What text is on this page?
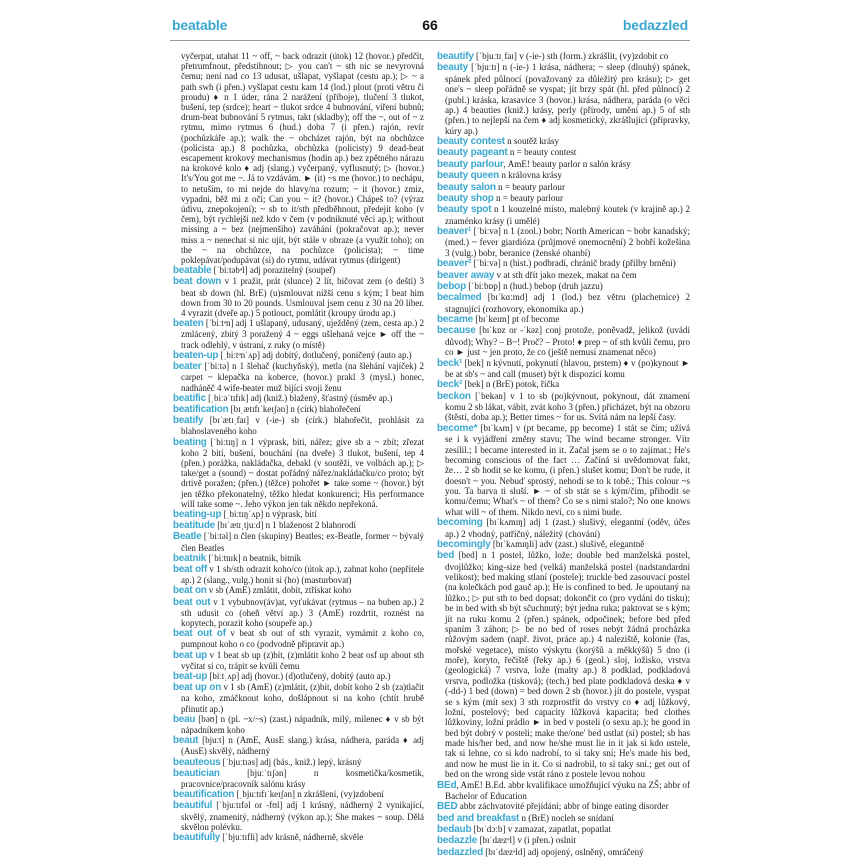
beatable	66	bedazzled

vyčerpat, utahat 11 ~ off, ~ back odrazit (útok) 12 (hovor.) předčit, přetrumfnout, předstihnout; ▷ you can't ~ sth nic se nevyrovná čemu; není nad co 13 udusat, ušlapat, vyšlapat (cestu ap.); ▷ ~ a path swh (i přen.) vyšlapat cestu kam 14 (lod.) plout (proti větru či proudu) ♦ n 1 úder, rána 2 narážení (příboje), tlučení 3 tlukot, bušení, tep (srdce); heart ~ tlukot srdce 4 bubnování, víření bubnů; drum-beat bubnování 5 rytmus, takt (skladby); off the ~, out of ~ z rytmu, mimo rytmus 6 (hud.) doba 7 (i přen.) rajón, revír (pochůzkáře ap.); walk the ~ obcházet rajón, být na obchůzce (policista ap.) 8 pochůzka, obchůzka (policisty) 9 dead-beat escapement krokový mechanismus (hodin ap.) bez zpětného nárazu na krokové kolo ♦ adj (slang.) vyčerpaný, vyflusnutý; ▷ (hovor.) It's/You got me ~. Já to vzdávám. ► (it) ~s me (hovor.) to nechápu, to netuším, to mi nejde do hlavy/na rozum; ~ it (hovor.) zmiz, vypadni, běž mi z očí; Can you ~ it? (hovor.) Chápeš to? (výraz údivu, znepokojení); ~ sb to it/sth předběhnout, předejít koho (v čem), být rychlejší než kdo v čem (v podniknuté věci ap.); without missing a ~ bez (nejmenšího) zaváhání (pokračovat ap.); never miss a ~ nenechat si nic ujít, být stále v obraze (a využít toho); on the ~ na obchůzce, na pochůzce (policista); ~ time poklepávat/podupávat (si) do rytmu, udávat rytmus (dirigent)

beatable [ˈbiːtəbᵊl] adj porazitelný (soupeř)

beat down v 1 pražit, prát (slunce) 2 lít, bičovat zem (o dešti) 3 beat sb down (hl. BrE) (u)smlouvat nižší cenu s kým; I beat him down from 30 to 20 pounds. Usmlouval jsem cenu z 30 na 20 liber. 4 vyrazit (dveře ap.) 5 potlouct, pomlátit (kroupy úrodu ap.)

beaten [ˈbiːtᵊn] adj 1 ušlapaný, udusaný, uježděný (zem, cesta ap.) 2 zmlácený, zbitý 3 poražený 4 ~ eggs ušlehaná vejce ► off the ~ track odlehlý, v ústraní, z ruky (o místě)

beaten-up [ˌbiːtᵊnˈʌp] adj dobitý, dotlučený, poničený (auto ap.)

beater [ˈbiːtə] n 1 šlehač (kuchyňský), metla (na šlehání vajíček) 2 carpet ~ klepačka na koberce, (hovor.) prakl 3 (mysl.) honec, nadháněč 4 wife-beater muž bijící svoji ženu

beatific [ˌbiːəˈtɪfɪk] adj (kniž.) blažený, šťastný (úsměv ap.)

beatification [bɪˌætɪfɪˈkeɪʃən] n (círk) blahořečení

beatify [bɪˈætɪˌfaɪ] v (-ie-) sb (círk.) blahořečit, prohlásit za blahoslaveného koho

beating [ˈbiːtɪŋ] n 1 výprask, bití, nářez; give sb a ~ zbít; zřezat koho 2 bití, bušení, bouchání (na dveře) 3 tlukot, bušení, tep 4 (přen.) porážka, nakládačka, debakl (v soutěži, ve volbách ap.); ▷ take/get a (sound) ~ dostat pořádný nářez/nakládačku/co proto; být drtivě poražen; (přen.) (těžce) pohořet ► take some ~ (hovor.) být jen těžko překonatelný, těžko hledat konkurenci; His performance will take some ~. Jeho výkon jen tak někdo nepřekoná.

beating-up [ˌbiːtɪŋˈʌp] n výprask, bití

beatitude [bɪˈætɪˌtjuːd] n 1 blaženost 2 blahorodí

Beatle [ˈbiːtəl] n člen (skupiny) Beatles; ex-Beatle, former ~ bývalý člen Beatles

beatnik [ˈbiːtnɪk] n beatnik, bitník

beat off v 1 sb/sth odrazit koho/co (útok ap.), zahnat koho (nepřítele ap.) 2 (slang., vulg.) honit si (ho) (masturbovat)

beat on v sb (AmE) zmlátit, dobít, ztřískat koho

beat out v 1 vybubnov(áv)at, vyťukávat (rytmus – na buben ap.) 2 sth udusit co (oheň větví ap.) 3 (AmE) rozdrtit, roznést na kopytech, porazit koho (soupeře ap.)

beat out of v beat sb out of sth vyrazit, vymámit z koho co, pumpnout koho o co (podvodně připravit ap.)

beat up v 1 beat sb up (z)bít, (z)mlátit koho 2 beat osf up about sth vyčítat si co, trápit se kvůli čemu

beat-up [biːtˌʌp] adj (hovor.) (d)otlučený, dobitý (auto ap.)

beat up on v 1 sb (AmE) (z)mlátit, (z)bít, dobít koho 2 sb (za)tlačit na koho, zmáčknout koho, došlápnout si na koho (chtít hrubě přinutit ap.)

beau [bəʊ] n (pl. ~x/~s) (zast.) nápadník, milý, milenec ♦ v sb být nápadníkem koho

beaut [bjuːt] n (AmE, AusE slang.) krása, nádhera, paráda ♦ adj (AusE) skvělý, nádherný

beauteous [ˈbjuːtɪəs] adj (bás., kniž.) lepý, krásný

beautician	[bjuːˈtɪʃən] n kosmetička/kosmetik, pracovnice/pracovník salónu krásy

beautification [ˌbjuːtɪfɪˈkeɪʃən] n zkrášlení, (vy)zdobení

beautiful [ˈbjuːtɪfəl or -fʊl] adj 1 krásný, nádherný 2 vynikající, skvělý, znamenitý, nádherný (výkon ap.); She makes ~ soup. Dělá skvělou polévku.

beautifully [ˈbjuːtɪfli] adv krásně, nádherně, skvěle

beautify [ˈbjuːtɪˌfaɪ] v (-ie-) sth (form.) zkrášlit, (vy)zdobit co

beauty [ˈbjuːtɪ] n (-ie-) 1 krása, nádhera; ~ sleep (dlouhý) spánek, spánek před půlnocí (považovaný za důležitý pro krásu); ▷ get one's ~ sleep pořádně se vyspat; jít brzy spát (hl. před půlnocí) 2 (publ.) kráska, krasavice 3 (hovor.) krása, nádhera, paráda (o věci ap.) 4 beauties (kniž.) krásy, perly (přírody, umění ap.) 5 of sth (přen.) to nejlepší na čem ♦ adj kosmetický, zkrášlující (přípravky, kúry ap.)

beauty contest n soutěž krásy

beauty pageant n = beauty contest

beauty parlour, AmE! beauty parlor n salón krásy

beauty queen n královna krásy

beauty salon n = beauty parlour

beauty shop n = beauty parlour

beauty spot n 1 kouzelné místo, malebný koutek (v krajině ap.) 2 znaménko krásy (i umělé)

beaver¹ [ˈbiːvə] n 1 (zool.) bobr; North American ~ bobr kanadský; (med.) ~ fever giardióza (průjmové onemocnění) 2 bobří kožešina 3 (vulg.) bobr, beranice (ženské ohanbí)

beaver² [ˈbiːvə] n (hist.) podbradí, chránič brady (přilby brnění)

beaver away v at sth dřít jako mezek, makat na čem

bebop [ˈbiːbɒp] n (hud.) bebop (druh jazzu)

becalmed [bɪˈkɑːmd] adj 1 (lod.) bez větru (plachetnice) 2 stagnující (rozhovory, ekonomika ap.)

became [bɪˈkeɪm] pt of become

because [bɪˈkɒz or -ˈkəz] conj protože, poněvadž, jelikož (uvádí důvod); Why? – B~! Proč? – Proto! ♦ prep ~ of sth kvůli čemu, pro co ► just ~ jen proto, že co (ještě nemusí znamenat něco)

beck¹ [bek] n kývnutí, pokynutí (hlavou, prstem) ♦ v (po)kynout ► be at sb's ~ and call (muset) být k dispozici komu

beck² [bek] n (BrE) potok, říčka

beckon [ˈbekən] v 1 to sb (po)kývnout, pokynout, dát znamení komu 2 sb lákat, vábit, zvát koho 3 (přen.) přicházet, být na obzoru (štěstí, doba ap.); Better times ~ for us. Svítá nám na lepší časy.

become* [bɪˈkʌm] v (pt became, pp become) 1 stát se čím; užívá se i k vyjádření změny stavu; The wind became stronger. Vítr zesílil.; I became interested in it. Začal jsem se o to zajímat.; He's becoming conscious of the fact … Začíná si uvědomovat fakt, že… 2 sb hodit se ke komu, (i přen.) slušet komu; Don't be rude, it doesn't ~ you. Nebuď sprostý, nehodí se to k tobě.; This colour ~s you. Ta barva ti sluší. ► ~ of sb stát se s kým/čím, přihodit se komu/čemu; What's ~ of them? Co se s nimi stalo?; No one knows what will ~ of them. Nikdo neví, co s nimi bude.

becoming [bɪˈkʌmɪŋ] adj 1 (zast.) slušivý, elegantní (oděv, účes ap.) 2 vhodný, patřičný, náležitý (chování)

becomingly [bɪˈkʌmɪŋli] adv (zast.) slušivě, elegantně

bed [bed] n 1 postel, lůžko, lože; double bed manželská postel, dvojlůžko; king-size bed (velká) manželská postel (nadstandardní velikost); bed making stlaní (postele); truckle bed zasouvací postel (na kolečkách pod gauč ap.); He is confined to bed. Je upoutaný na lůžko.; ▷ put sth to bed dopsat; dokončit co (pro vydání do tisku); be in bed with sb být sčuchnutý; být jedna ruka; paktovat se s kým; jít na ruku komu 2 (přen.) spánek, odpočinek; before bed před spaním 3 záhon; ▷ be no bed of roses nebýt žádná procházka růžovým sadem (např. život, práce ap.) 4 naleziště, kolonie (řas, mořské vegetace), místo výskytu (korýšů a měkkýšů) 5 dno (i moře), koryto, řečiště (řeky ap.) 6 (geol.) sloj, ložisko, vrstva (geologická) 7 vrstva, lože (malty ap.) 8 podklad, podkladová vrstva, podložka (tisková); (tech.) bed plate podkladová deska ♦ v (-dd-) 1 bed (down) = bed down 2 sb (hovor.) jít do postele, vyspat se s kým (mít sex) 3 sth rozprostřít do vrstvy co ♦ adj lůžkový, ložní, postelový; bed capacity lůžková kapacita; bed clothes lůžkoviny, ložní prádlo ► in bed v posteli (o sexu ap.); be good in bed být dobrý v posteli; make the/one' bed ustlat (si) postel; sb has made his/her bed, and now he/she must lie in it jak si kdo ustele, tak si lehne, co si kdo nadrobí, to si taky sní; He's made his bed, and now he must lie in it. Co si nadrobil, to si taky sní.; get out of bed on the wrong side vstát ráno z postele levou nohou

BEd, AmE! B.Ed. abbr kvalifikace umožňující výuku na ZŠ; abbr of Bachelor of Education

BED abbr záchvatovité přejídání; abbr of binge eating disorder

bed and breakfast n (BrE) nocleh se snídaní

bedaub [bɪˈdɔːb] v zamazat, zapatlat, popatlat

bedazzle [bɪˈdæzᵊl] v (i přen.) oslnit

bedazzled [bɪˈdæzᵊld] adj opojený, oslněný, omráčený
